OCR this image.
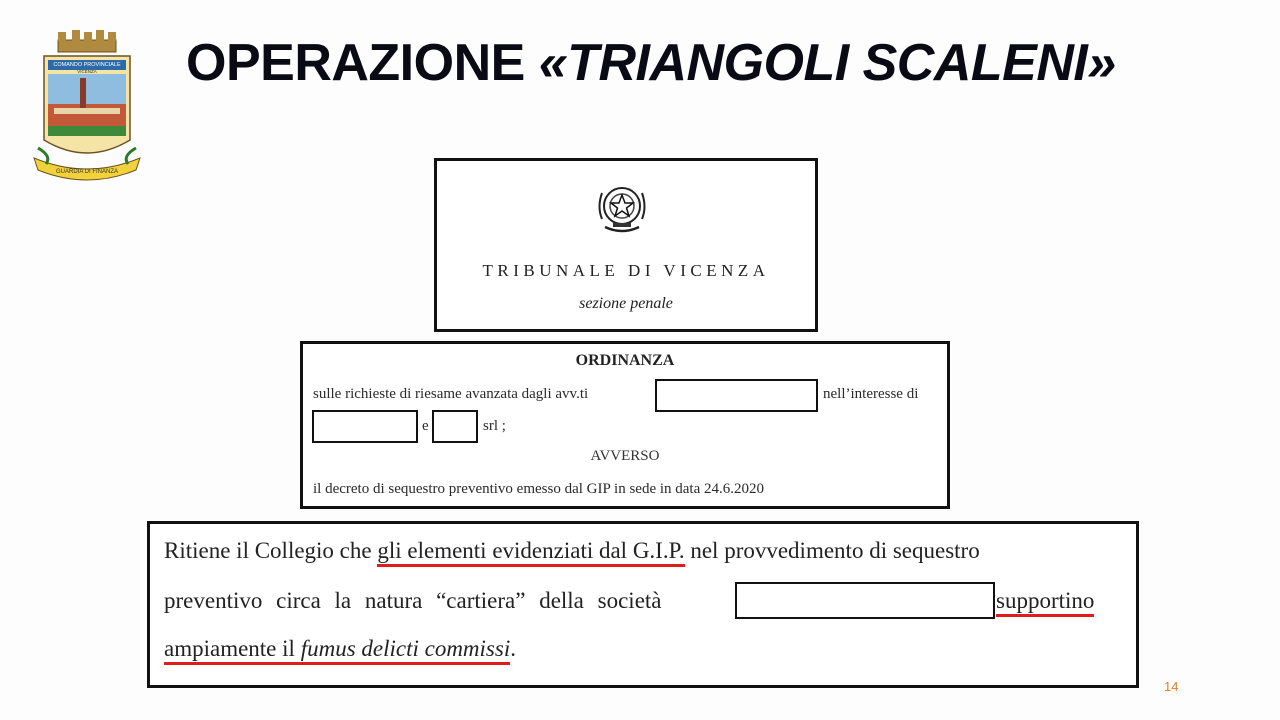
COMANDO PROVINCIALE
VICENZA
GUARDIA DI FINANZA
OPERAZIONE «TRIANGOLI SCALENI»
TRIBUNALE DI VICENZA
sezione penale
ORDINANZA
sulle richieste di riesame avanzata dagli avv.ti	nell’interesse di
e	srl ;
AVVERSO
il decreto di sequestro preventivo emesso dal GIP in sede in data 24.6.2020
Ritiene il Collegio che gli elementi evidenziati dal G.I.P. nel provvedimento di sequestro
preventivo circa la natura “cartiera” della società	supportino
ampiamente il fumus delicti commissi.
14
